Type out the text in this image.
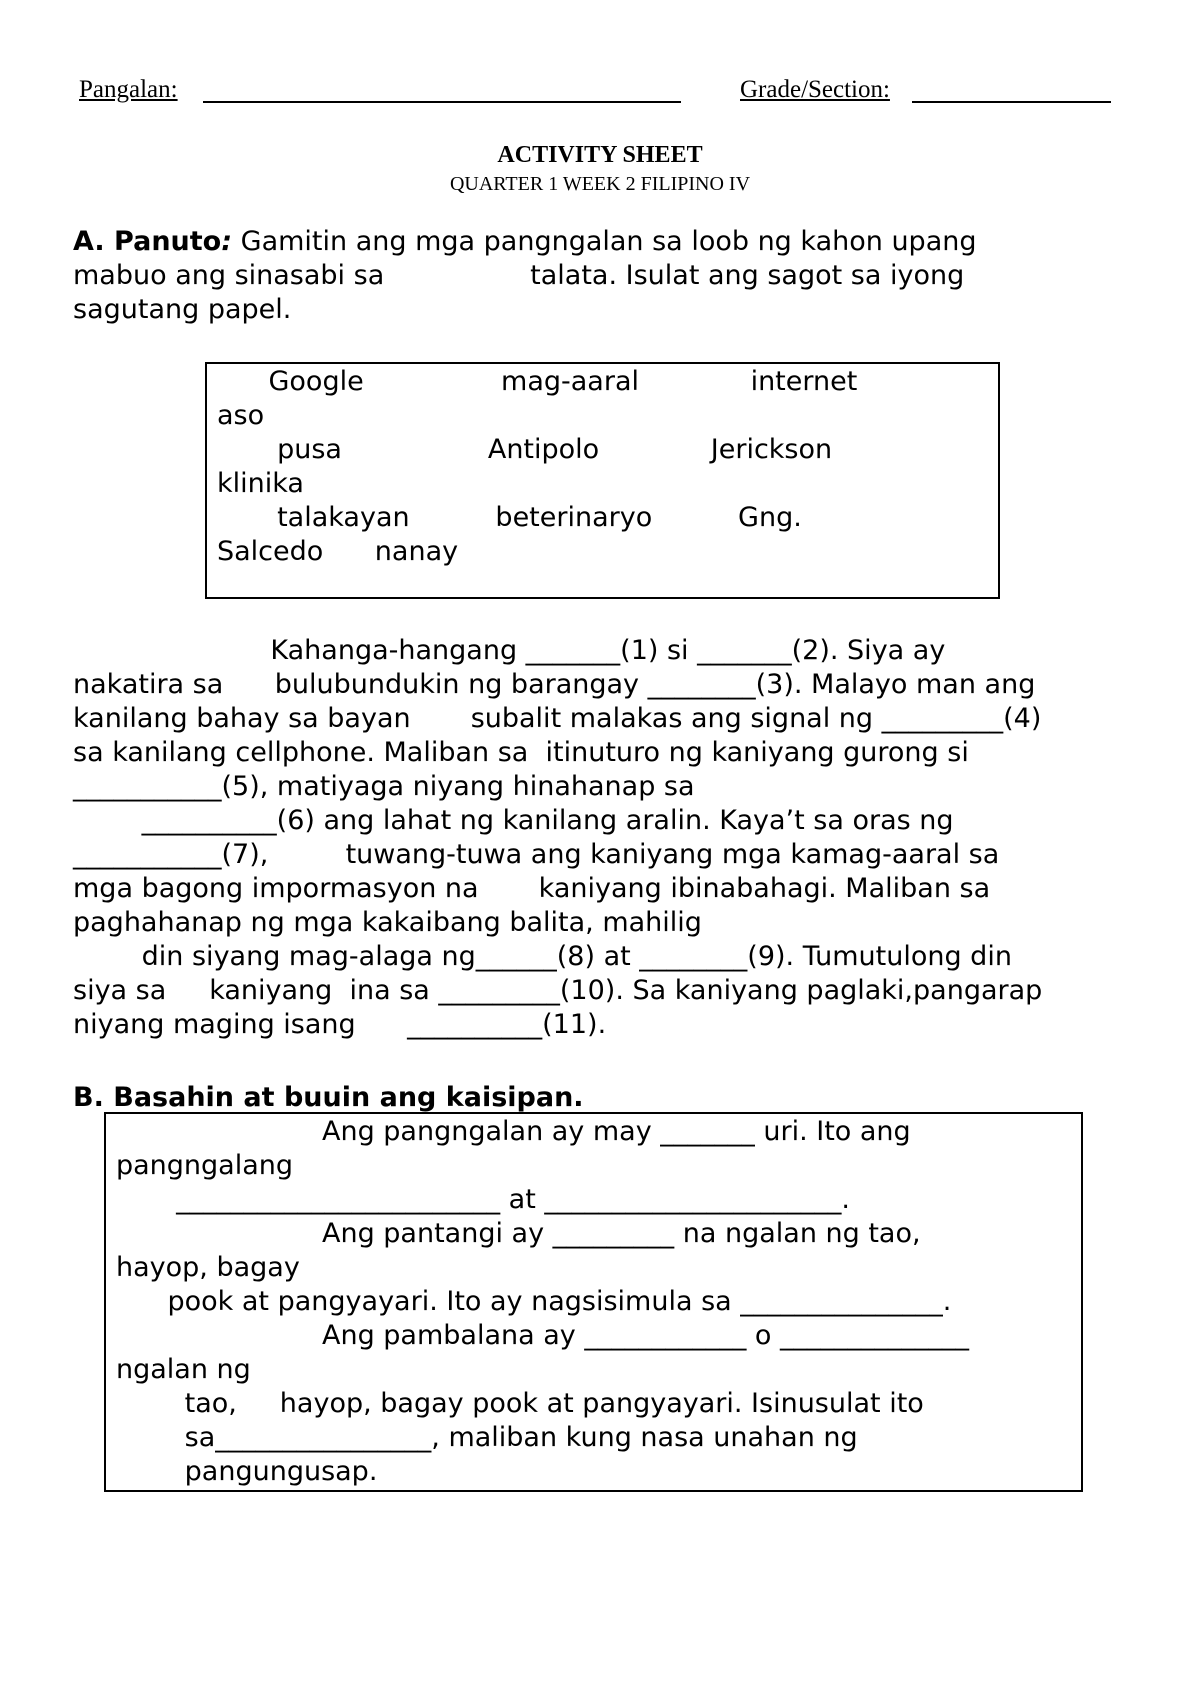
Pangalan:	Grade/Section:
ACTIVITY SHEET
QUARTER 1 WEEK 2 FILIPINO IV
A. Panuto: Gamitin ang mga pangngalan sa loob ng kahon upang
mabuo ang sinasabi sa                 talata. Isulat ang sagot sa iyong
sagutang papel.
Google                mag-aaral             internet
aso
pusa                 Antipolo             Jerickson
klinika
talakayan          beterinaryo          Gng.
Salcedo      nanay
Kahanga-hangang _______(1) si _______(2). Siya ay
nakatira sa      bulubundukin ng barangay ________(3). Malayo man ang
kanilang bahay sa bayan       subalit malakas ang signal ng _________(4)
sa kanilang cellphone. Maliban sa  itinuturo ng kaniyang gurong si
___________(5), matiyaga niyang hinahanap sa
__________(6) ang lahat ng kanilang aralin. Kaya’t sa oras ng
___________(7),         tuwang-tuwa ang kaniyang mga kamag-aaral sa
mga bagong impormasyon na       kaniyang ibinabahagi. Maliban sa
paghahanap ng mga kakaibang balita, mahilig
din siyang mag-alaga ng______(8) at ________(9). Tumutulong din
siya sa     kaniyang  ina sa _________(10). Sa kaniyang paglaki,pangarap
niyang maging isang      __________(11).
B. Basahin at buuin ang kaisipan.
Ang pangngalan ay may _______ uri. Ito ang
pangngalang
________________________ at ______________________.
Ang pantangi ay _________ na ngalan ng tao,
hayop, bagay
pook at pangyayari. Ito ay nagsisimula sa _______________.
Ang pambalana ay ____________ o ______________
ngalan ng
tao,     hayop, bagay pook at pangyayari. Isinusulat ito
sa________________, maliban kung nasa unahan ng
pangungusap.
